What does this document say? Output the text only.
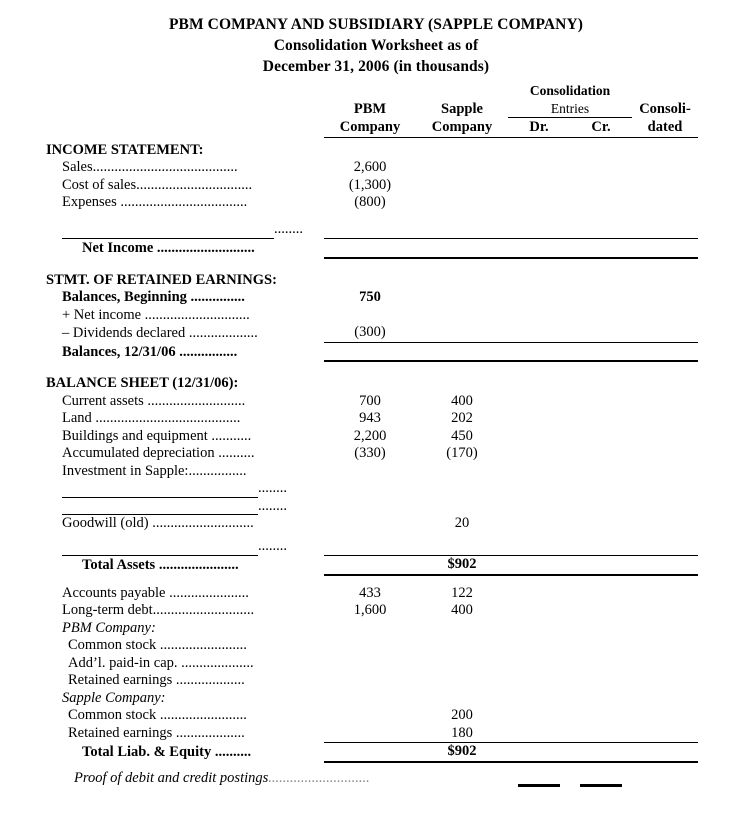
PBM COMPANY AND SUBSIDIARY (SAPPLE COMPANY)
Consolidation Worksheet as of
December 31, 2006 (in thousands)
			Consolidation		
	PBM	Sapple	Entries		Consoli-
	Company	Company	Dr.	Cr.	dated
INCOME STATEMENT:					
Sales........................................	2,600				
Cost of sales................................	(1,300)				
Expenses ...................................	(800)				

........					
Net Income ...........................					

STMT. OF RETAINED EARNINGS:					
Balances, Beginning ...............	750				
+ Net income .............................					
– Dividends declared ...................	(300)				
Balances, 12/31/06 ................					

BALANCE SHEET (12/31/06):					
Current assets ...........................	700	400			
Land ........................................	943	202			
Buildings and equipment ...........	2,200	450			
Accumulated depreciation ..........	(330)	(170)			
Investment in Sapple:................					
........					
........					
Goodwill (old) ............................		20			

........					
Total Assets ......................		$902			

Accounts payable ......................	433	122			
Long-term debt............................	1,600	400			
PBM Company:					
Common stock ........................					
Add’l. paid-in cap. ....................					
Retained earnings ...................					
Sapple Company:					
Common stock ........................		200			
Retained earnings ...................		180			
Total Liab. & Equity ..........		$902			
Proof of debit and credit postings............................					
